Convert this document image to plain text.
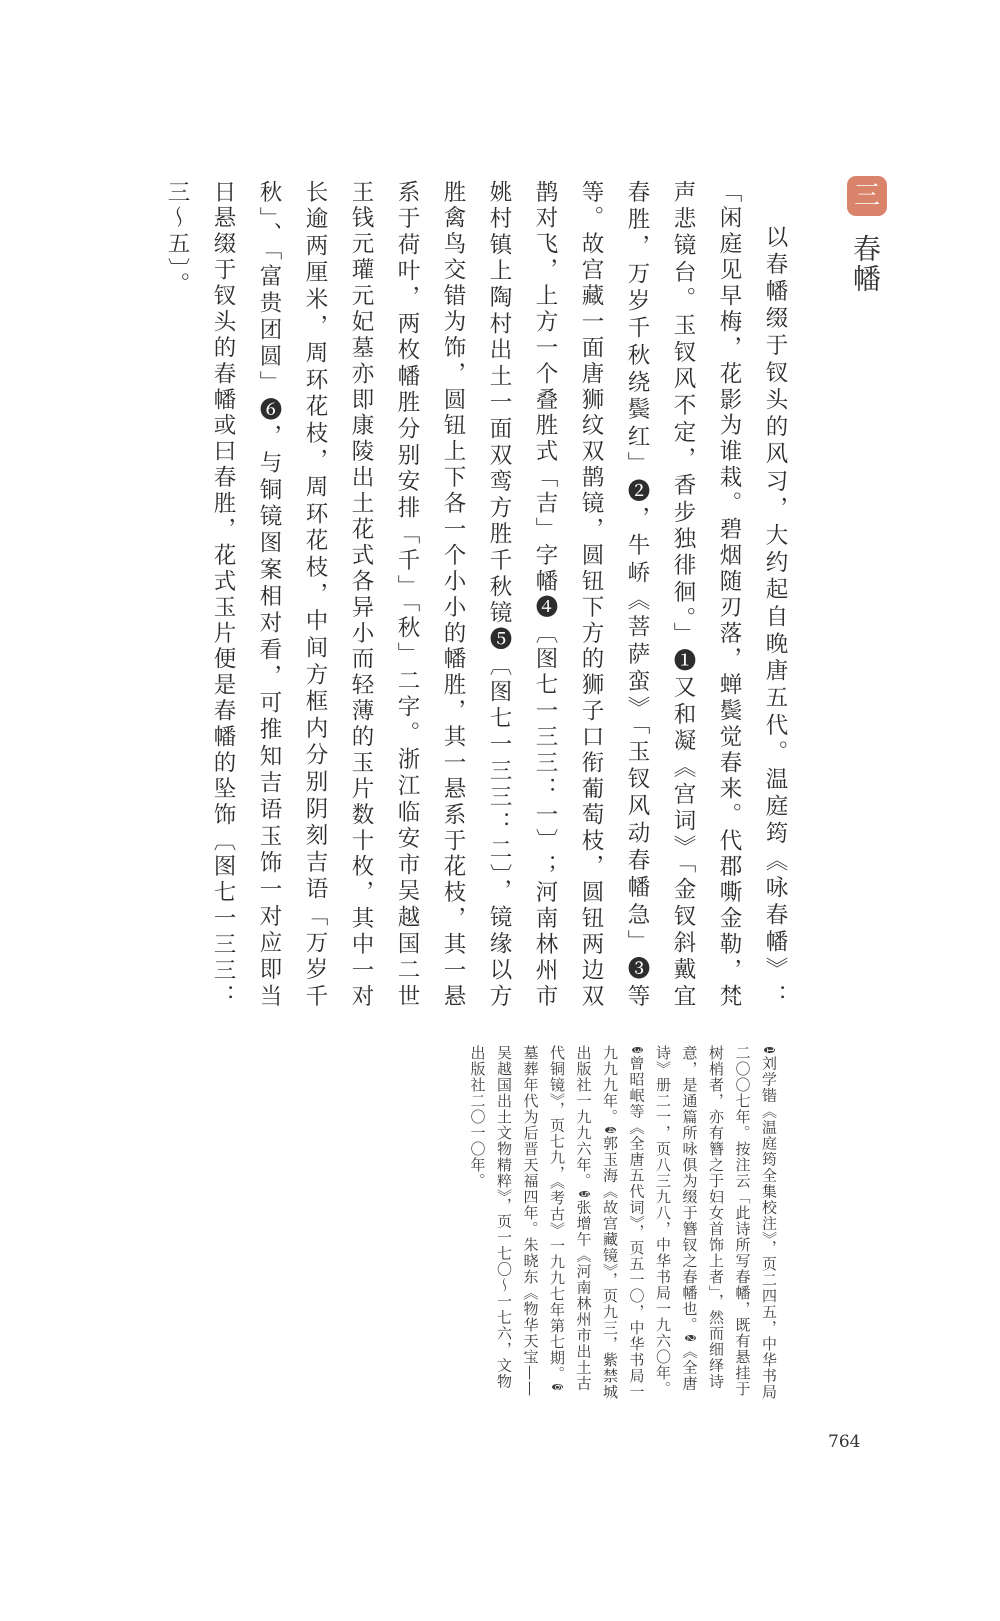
三
春幡

以春幡缀于钗头的风习，大约起自晚唐五代。温庭筠《咏春幡》：「闲庭见早梅，花影为谁栽。碧烟随刃落，蝉鬓觉春来。代郡嘶金勒，梵声悲镜台。玉钗风不定，香步独徘徊。」❶又和凝《宫词》「金钗斜戴宜春胜，万岁千秋绕鬓红」❷，牛峤《菩萨蛮》「玉钗风动春幡急」❸等等。故宫藏一面唐狮纹双鹊镜，圆钮下方的狮子口衔葡萄枝，圆钮两边双鹊对飞，上方一个叠胜式「吉」字幡❹〔图七一三三：一〕；河南林州市姚村镇上陶村出土一面双鸾方胜千秋镜❺〔图七一三三：二〕，镜缘以方胜禽鸟交错为饰，圆钮上下各一个小小的幡胜，其一悬系于花枝，其一悬系于荷叶，两枚幡胜分别安排「千」「秋」二字。浙江临安市吴越国二世王钱元瓘元妃墓亦即康陵出土花式各异小而轻薄的玉片数十枚，其中一对长逾两厘米，周环花枝，周环花枝，中间方框内分别阴刻吉语「万岁千秋」、「富贵团圆」❻，与铜镜图案相对看，可推知吉语玉饰一对应即当日悬缀于钗头的春幡或曰春胜，花式玉片便是春幡的坠饰〔图七一三三：三～五〕。

1刘学锴《温庭筠全集校注》，页二四五，中华书局二〇〇七年。按注云「此诗所写春幡，既有悬挂于树梢者，亦有簪之于妇女首饰上者」，然而细绎诗意，是通篇所咏俱为缀于簪钗之春幡也。2《全唐诗》册二一，页八三九八，中华书局一九六〇年。3曾昭岷等《全唐五代词》，页五一〇，中华书局一九九九年。4郭玉海《故宫藏镜》，页九三，紫禁城出版社一九九六年。5张增午《河南林州市出土古代铜镜》，页七九，《考古》一九九七年第七期。6墓葬年代为后晋天福四年。朱晓东《物华天宝——吴越国出土文物精粹》，页一七〇～一七六，文物出版社二〇一〇年。
764
